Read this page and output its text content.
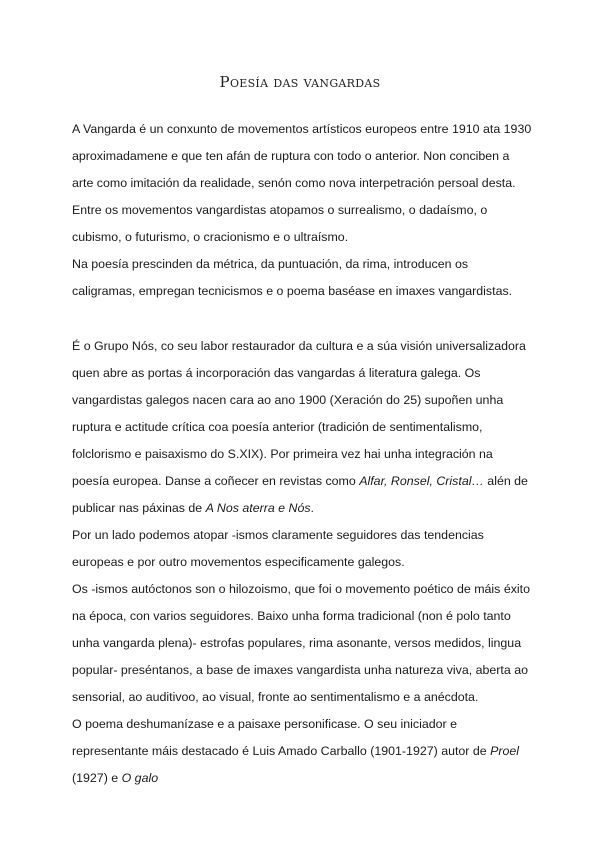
Poesía das vangardas

A Vangarda é un conxunto de movementos artísticos europeos entre 1910 ata 1930 aproximadamene e que ten afán de ruptura con todo o anterior. Non conciben a arte como imitación da realidade, senón como nova interpetración persoal desta. Entre os movementos vangardistas atopamos o surrealismo, o dadaísmo, o cubismo, o futurismo, o cracionismo e o ultraísmo.

Na poesía prescinden da métrica, da puntuación, da rima, introducen os caligramas, empregan tecnicismos e o poema baséase en imaxes vangardistas.

É o Grupo Nós, co seu labor restaurador da cultura e a súa visión universalizadora quen abre as portas á incorporación das vangardas á literatura galega. Os vangardistas galegos nacen cara ao ano 1900 (Xeración do 25) supoñen unha ruptura e actitude crítica coa poesía anterior (tradición de sentimentalismo, folclorismo e paisaxismo do S.XIX). Por primeira vez hai unha integración na poesía europea. Danse a coñecer en revistas como Alfar, Ronsel, Cristal… alén de publicar nas páxinas de A Nos aterra e Nós.

Por un lado podemos atopar -ismos claramente seguidores das tendencias europeas e por outro movementos especificamente galegos.

Os -ismos autóctonos son o hilozoismo, que foi o movemento poético de máis éxito na época, con varios seguidores. Baixo unha forma tradicional (non é polo tanto unha vangarda plena)- estrofas populares, rima asonante, versos medidos, lingua popular- preséntanos, a base de imaxes vangardista unha natureza viva, aberta ao sensorial, ao auditivoo, ao visual, fronte ao sentimentalismo e a anécdota.

O poema deshumanízase e a paisaxe personificase. O seu iniciador e representante máis destacado é Luis Amado Carballo (1901-1927) autor de Proel (1927) e O galo
